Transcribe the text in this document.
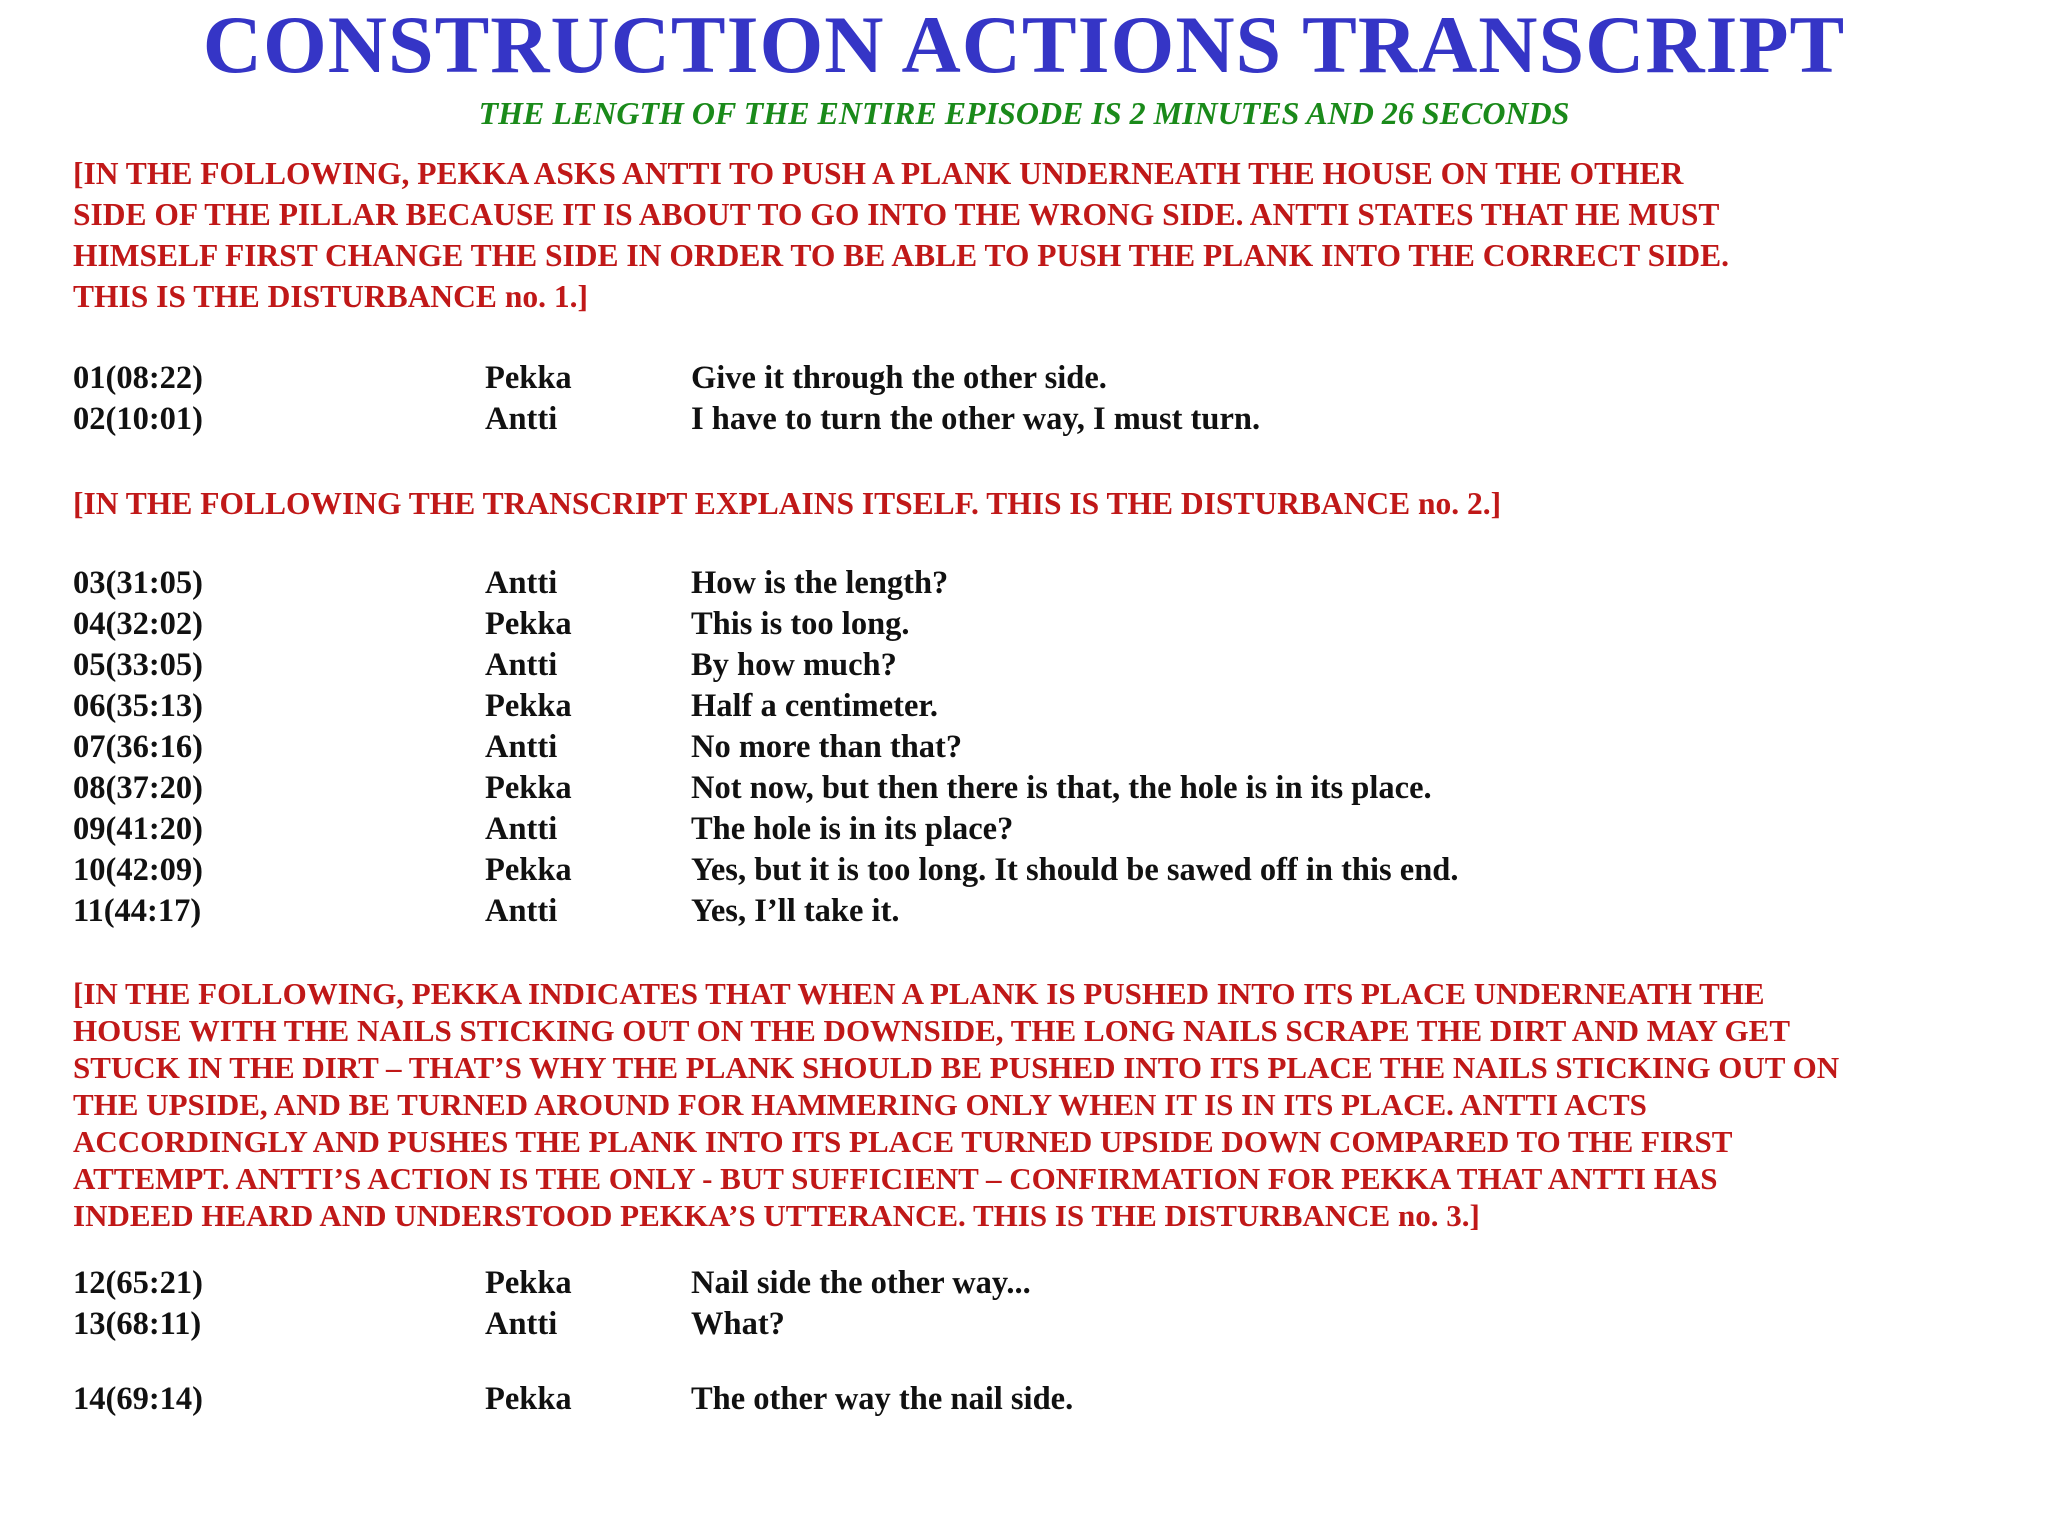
CONSTRUCTION ACTIONS TRANSCRIPT
THE LENGTH OF THE ENTIRE EPISODE IS 2 MINUTES AND 26 SECONDS
[IN THE FOLLOWING, PEKKA ASKS ANTTI TO PUSH A PLANK UNDERNEATH THE HOUSE ON THE OTHER
SIDE OF THE PILLAR BECAUSE IT IS ABOUT TO GO INTO THE WRONG SIDE. ANTTI STATES THAT HE MUST
HIMSELF FIRST CHANGE THE SIDE IN ORDER TO BE ABLE TO PUSH THE PLANK INTO THE CORRECT SIDE.
THIS IS THE DISTURBANCE no. 1.]
01(08:22)	Pekka	Give it through the other side.
02(10:01)	Antti	I have to turn the other way, I must turn.
[IN THE FOLLOWING THE TRANSCRIPT EXPLAINS ITSELF. THIS IS THE DISTURBANCE no. 2.]
03(31:05)	Antti	How is the length?
04(32:02)	Pekka	This is too long.
05(33:05)	Antti	By how much?
06(35:13)	Pekka	Half a centimeter.
07(36:16)	Antti	No more than that?
08(37:20)	Pekka	Not now, but then there is that, the hole is in its place.
09(41:20)	Antti	The hole is in its place?
10(42:09)	Pekka	Yes, but it is too long. It should be sawed off in this end.
11(44:17)	Antti	Yes, I’ll take it.
[IN THE FOLLOWING, PEKKA INDICATES THAT WHEN A PLANK IS PUSHED INTO ITS PLACE UNDERNEATH THE
HOUSE WITH THE NAILS STICKING OUT ON THE DOWNSIDE, THE LONG NAILS SCRAPE THE DIRT AND MAY GET
STUCK IN THE DIRT – THAT’S WHY THE PLANK SHOULD BE PUSHED INTO ITS PLACE THE NAILS STICKING OUT ON
THE UPSIDE, AND BE TURNED AROUND FOR HAMMERING ONLY WHEN IT IS IN ITS PLACE. ANTTI ACTS
ACCORDINGLY AND PUSHES THE PLANK INTO ITS PLACE TURNED UPSIDE DOWN COMPARED TO THE FIRST
ATTEMPT. ANTTI’S ACTION IS THE ONLY - BUT SUFFICIENT – CONFIRMATION FOR PEKKA THAT ANTTI HAS
INDEED HEARD AND UNDERSTOOD PEKKA’S UTTERANCE. THIS IS THE DISTURBANCE no. 3.]
12(65:21)	Pekka	Nail side the other way...
13(68:11)	Antti	What?
14(69:14)	Pekka	The other way the nail side.
